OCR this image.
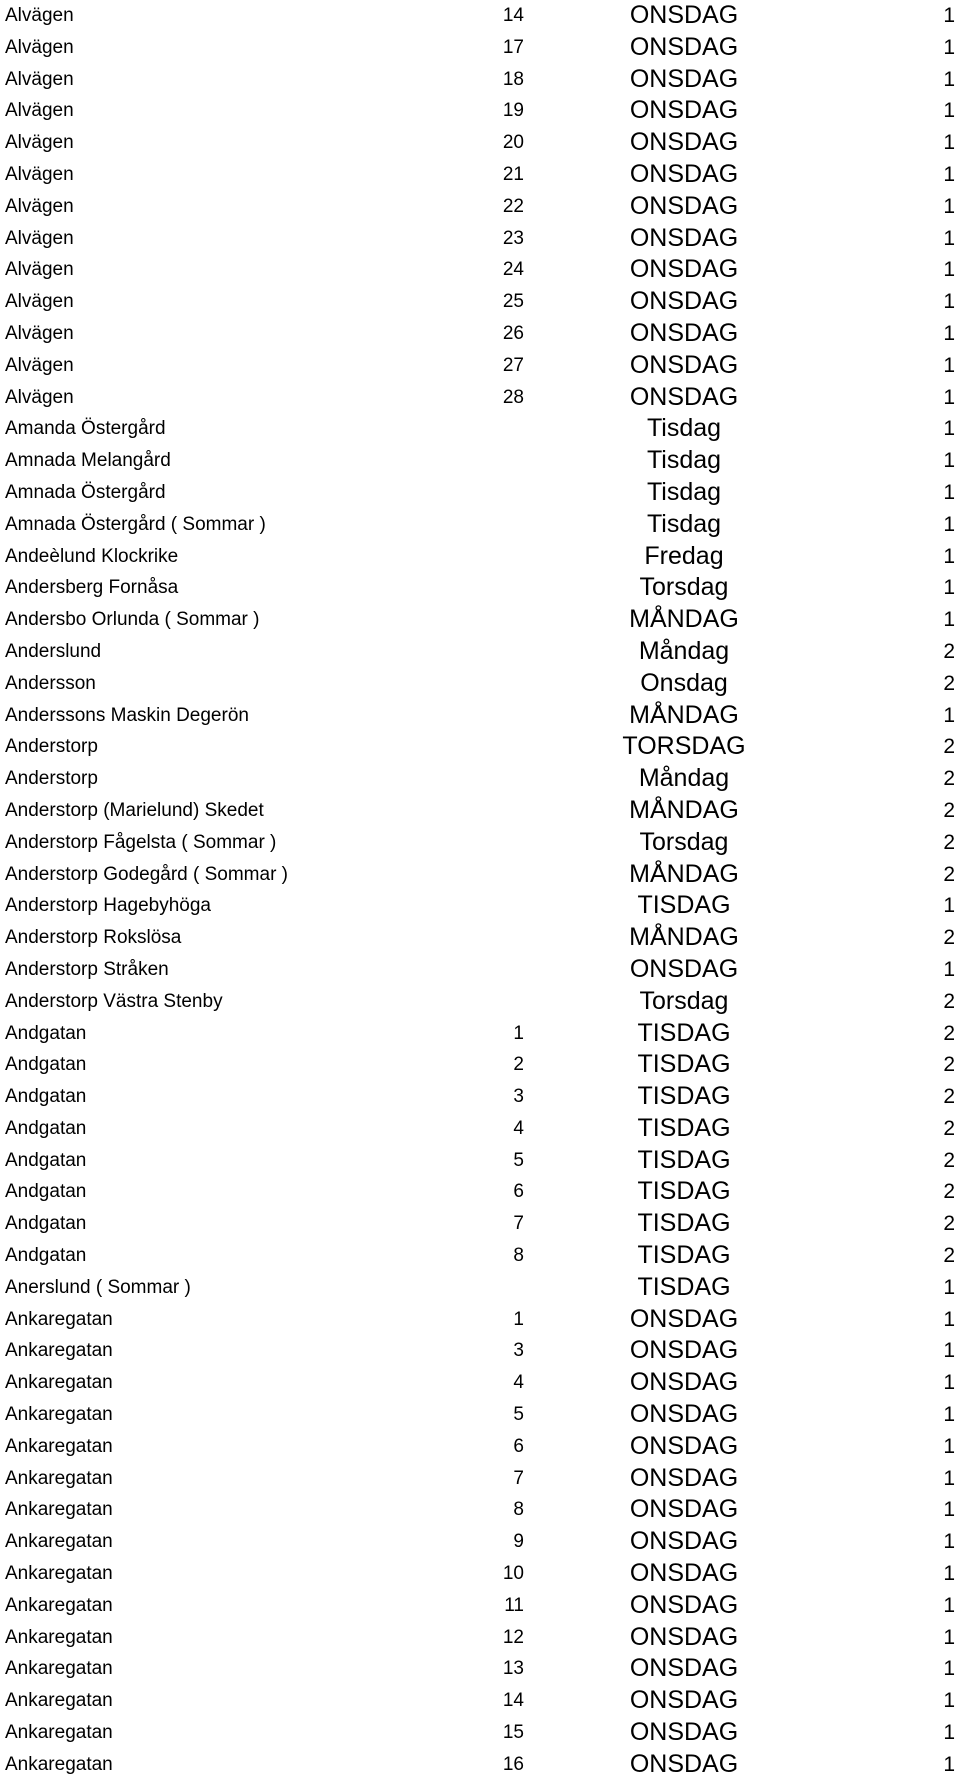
Alvägen	14	ONSDAG	1
Alvägen	17	ONSDAG	1
Alvägen	18	ONSDAG	1
Alvägen	19	ONSDAG	1
Alvägen	20	ONSDAG	1
Alvägen	21	ONSDAG	1
Alvägen	22	ONSDAG	1
Alvägen	23	ONSDAG	1
Alvägen	24	ONSDAG	1
Alvägen	25	ONSDAG	1
Alvägen	26	ONSDAG	1
Alvägen	27	ONSDAG	1
Alvägen	28	ONSDAG	1
Amanda Östergård	Tisdag	1
Amnada Melangård	Tisdag	1
Amnada Östergård	Tisdag	1
Amnada Östergård ( Sommar )	Tisdag	1
Andeèlund Klockrike	Fredag	1
Andersberg Fornåsa	Torsdag	1
Andersbo Orlunda ( Sommar )	MÅNDAG	1
Anderslund	Måndag	2
Andersson	Onsdag	2
Anderssons Maskin Degerön	MÅNDAG	1
Anderstorp	TORSDAG	2
Anderstorp	Måndag	2
Anderstorp (Marielund) Skedet	MÅNDAG	2
Anderstorp Fågelsta ( Sommar )	Torsdag	2
Anderstorp Godegård ( Sommar )	MÅNDAG	2
Anderstorp Hagebyhöga	TISDAG	1
Anderstorp Rokslösa	MÅNDAG	2
Anderstorp Stråken	ONSDAG	1
Anderstorp Västra Stenby	Torsdag	2
Andgatan	1	TISDAG	2
Andgatan	2	TISDAG	2
Andgatan	3	TISDAG	2
Andgatan	4	TISDAG	2
Andgatan	5	TISDAG	2
Andgatan	6	TISDAG	2
Andgatan	7	TISDAG	2
Andgatan	8	TISDAG	2
Anerslund ( Sommar )	TISDAG	1
Ankaregatan	1	ONSDAG	1
Ankaregatan	3	ONSDAG	1
Ankaregatan	4	ONSDAG	1
Ankaregatan	5	ONSDAG	1
Ankaregatan	6	ONSDAG	1
Ankaregatan	7	ONSDAG	1
Ankaregatan	8	ONSDAG	1
Ankaregatan	9	ONSDAG	1
Ankaregatan	10	ONSDAG	1
Ankaregatan	11	ONSDAG	1
Ankaregatan	12	ONSDAG	1
Ankaregatan	13	ONSDAG	1
Ankaregatan	14	ONSDAG	1
Ankaregatan	15	ONSDAG	1
Ankaregatan	16	ONSDAG	1
